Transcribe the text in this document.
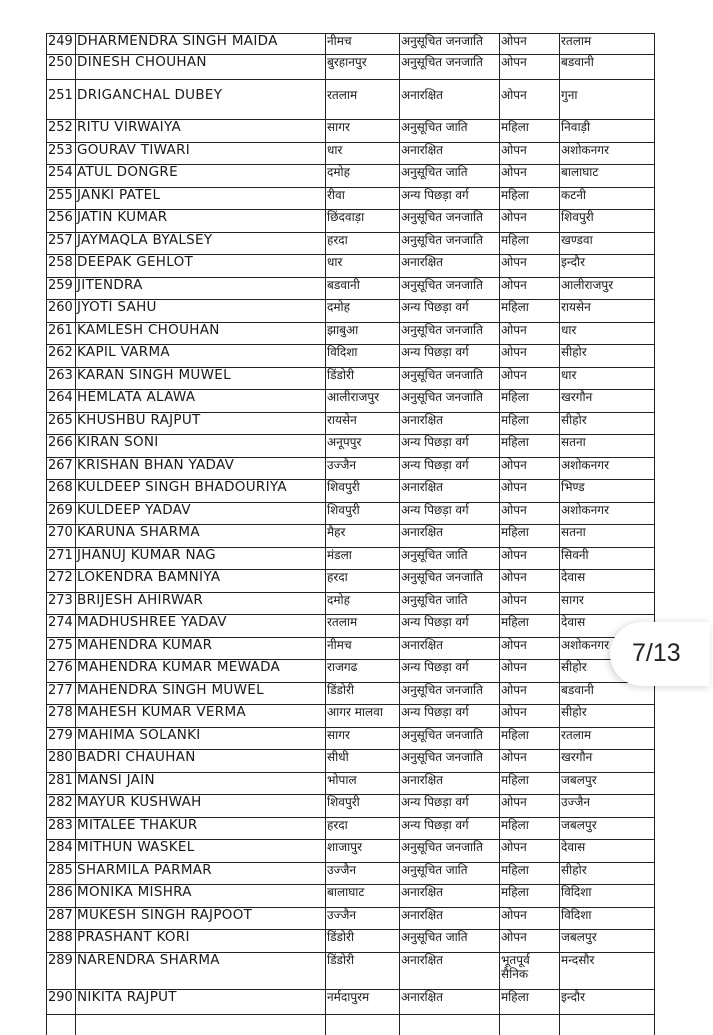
249	DHARMENDRA SINGH MAIDA	नीमच	अनुसूचित जनजाति	ओपन	रतलाम
250	DINESH CHOUHAN	बुरहानपुर	अनुसूचित जनजाति	ओपन	बडवानी
251	DRIGANCHAL DUBEY	रतलाम	अनारक्षित	ओपन	गुना
252	RITU VIRWAIYA	सागर	अनुसूचित जाति	महिला	निवाड़ी
253	GOURAV TIWARI	धार	अनारक्षित	ओपन	अशोकनगर
254	ATUL DONGRE	दमोह	अनुसूचित जाति	ओपन	बालाघाट
255	JANKI PATEL	रीवा	अन्य पिछड़ा वर्ग	महिला	कटनी
256	JATIN KUMAR	छिंदवाड़ा	अनुसूचित जनजाति	ओपन	शिवपुरी
257	JAYMAQLA BYALSEY	हरदा	अनुसूचित जनजाति	महिला	खण्डवा
258	DEEPAK GEHLOT	धार	अनारक्षित	ओपन	इन्दौर
259	JITENDRA	बडवानी	अनुसूचित जनजाति	ओपन	आलीराजपुर
260	JYOTI SAHU	दमोह	अन्य पिछड़ा वर्ग	महिला	रायसेन
261	KAMLESH CHOUHAN	झाबुआ	अनुसूचित जनजाति	ओपन	धार
262	KAPIL VARMA	विदिशा	अन्य पिछड़ा वर्ग	ओपन	सीहोर
263	KARAN SINGH MUWEL	डिंडोरी	अनुसूचित जनजाति	ओपन	धार
264	HEMLATA ALAWA	आलीराजपुर	अनुसूचित जनजाति	महिला	खरगौन
265	KHUSHBU RAJPUT	रायसेन	अनारक्षित	महिला	सीहोर
266	KIRAN SONI	अनूपपुर	अन्य पिछड़ा वर्ग	महिला	सतना
267	KRISHAN BHAN YADAV	उज्जैन	अन्य पिछड़ा वर्ग	ओपन	अशोकनगर
268	KULDEEP SINGH BHADOURIYA	शिवपुरी	अनारक्षित	ओपन	भिण्ड
269	KULDEEP YADAV	शिवपुरी	अन्य पिछड़ा वर्ग	ओपन	अशोकनगर
270	KARUNA SHARMA	मैहर	अनारक्षित	महिला	सतना
271	JHANUJ KUMAR NAG	मंडला	अनुसूचित जाति	ओपन	सिवनी
272	LOKENDRA BAMNIYA	हरदा	अनुसूचित जनजाति	ओपन	देवास
273	BRIJESH AHIRWAR	दमोह	अनुसूचित जाति	ओपन	सागर
274	MADHUSHREE YADAV	रतलाम	अन्य पिछड़ा वर्ग	महिला	देवास
275	MAHENDRA KUMAR	नीमच	अनारक्षित	ओपन	अशोकनगर
276	MAHENDRA KUMAR MEWADA	राजगढ	अन्य पिछड़ा वर्ग	ओपन	सीहोर
277	MAHENDRA SINGH MUWEL	डिंडोरी	अनुसूचित जनजाति	ओपन	बडवानी
278	MAHESH KUMAR VERMA	आगर मालवा	अन्य पिछड़ा वर्ग	ओपन	सीहोर
279	MAHIMA SOLANKI	सागर	अनुसूचित जनजाति	महिला	रतलाम
280	BADRI CHAUHAN	सीधी	अनुसूचित जनजाति	ओपन	खरगौन
281	MANSI JAIN	भोपाल	अनारक्षित	महिला	जबलपुर
282	MAYUR KUSHWAH	शिवपुरी	अन्य पिछड़ा वर्ग	ओपन	उज्जैन
283	MITALEE THAKUR	हरदा	अन्य पिछड़ा वर्ग	महिला	जबलपुर
284	MITHUN WASKEL	शाजापुर	अनुसूचित जनजाति	ओपन	देवास
285	SHARMILA PARMAR	उज्जैन	अनुसूचित जाति	महिला	सीहोर
286	MONIKA MISHRA	बालाघाट	अनारक्षित	महिला	विदिशा
287	MUKESH SINGH RAJPOOT	उज्जैन	अनारक्षित	ओपन	विदिशा
288	PRASHANT KORI	डिंडोरी	अनुसूचित जाति	ओपन	जबलपुर
289	NARENDRA SHARMA	डिंडोरी	अनारक्षित	भूतपूर्व सैनिक	मन्दसौर
290	NIKITA RAJPUT	नर्मदापुरम	अनारक्षित	महिला	इन्दौर

7/13
